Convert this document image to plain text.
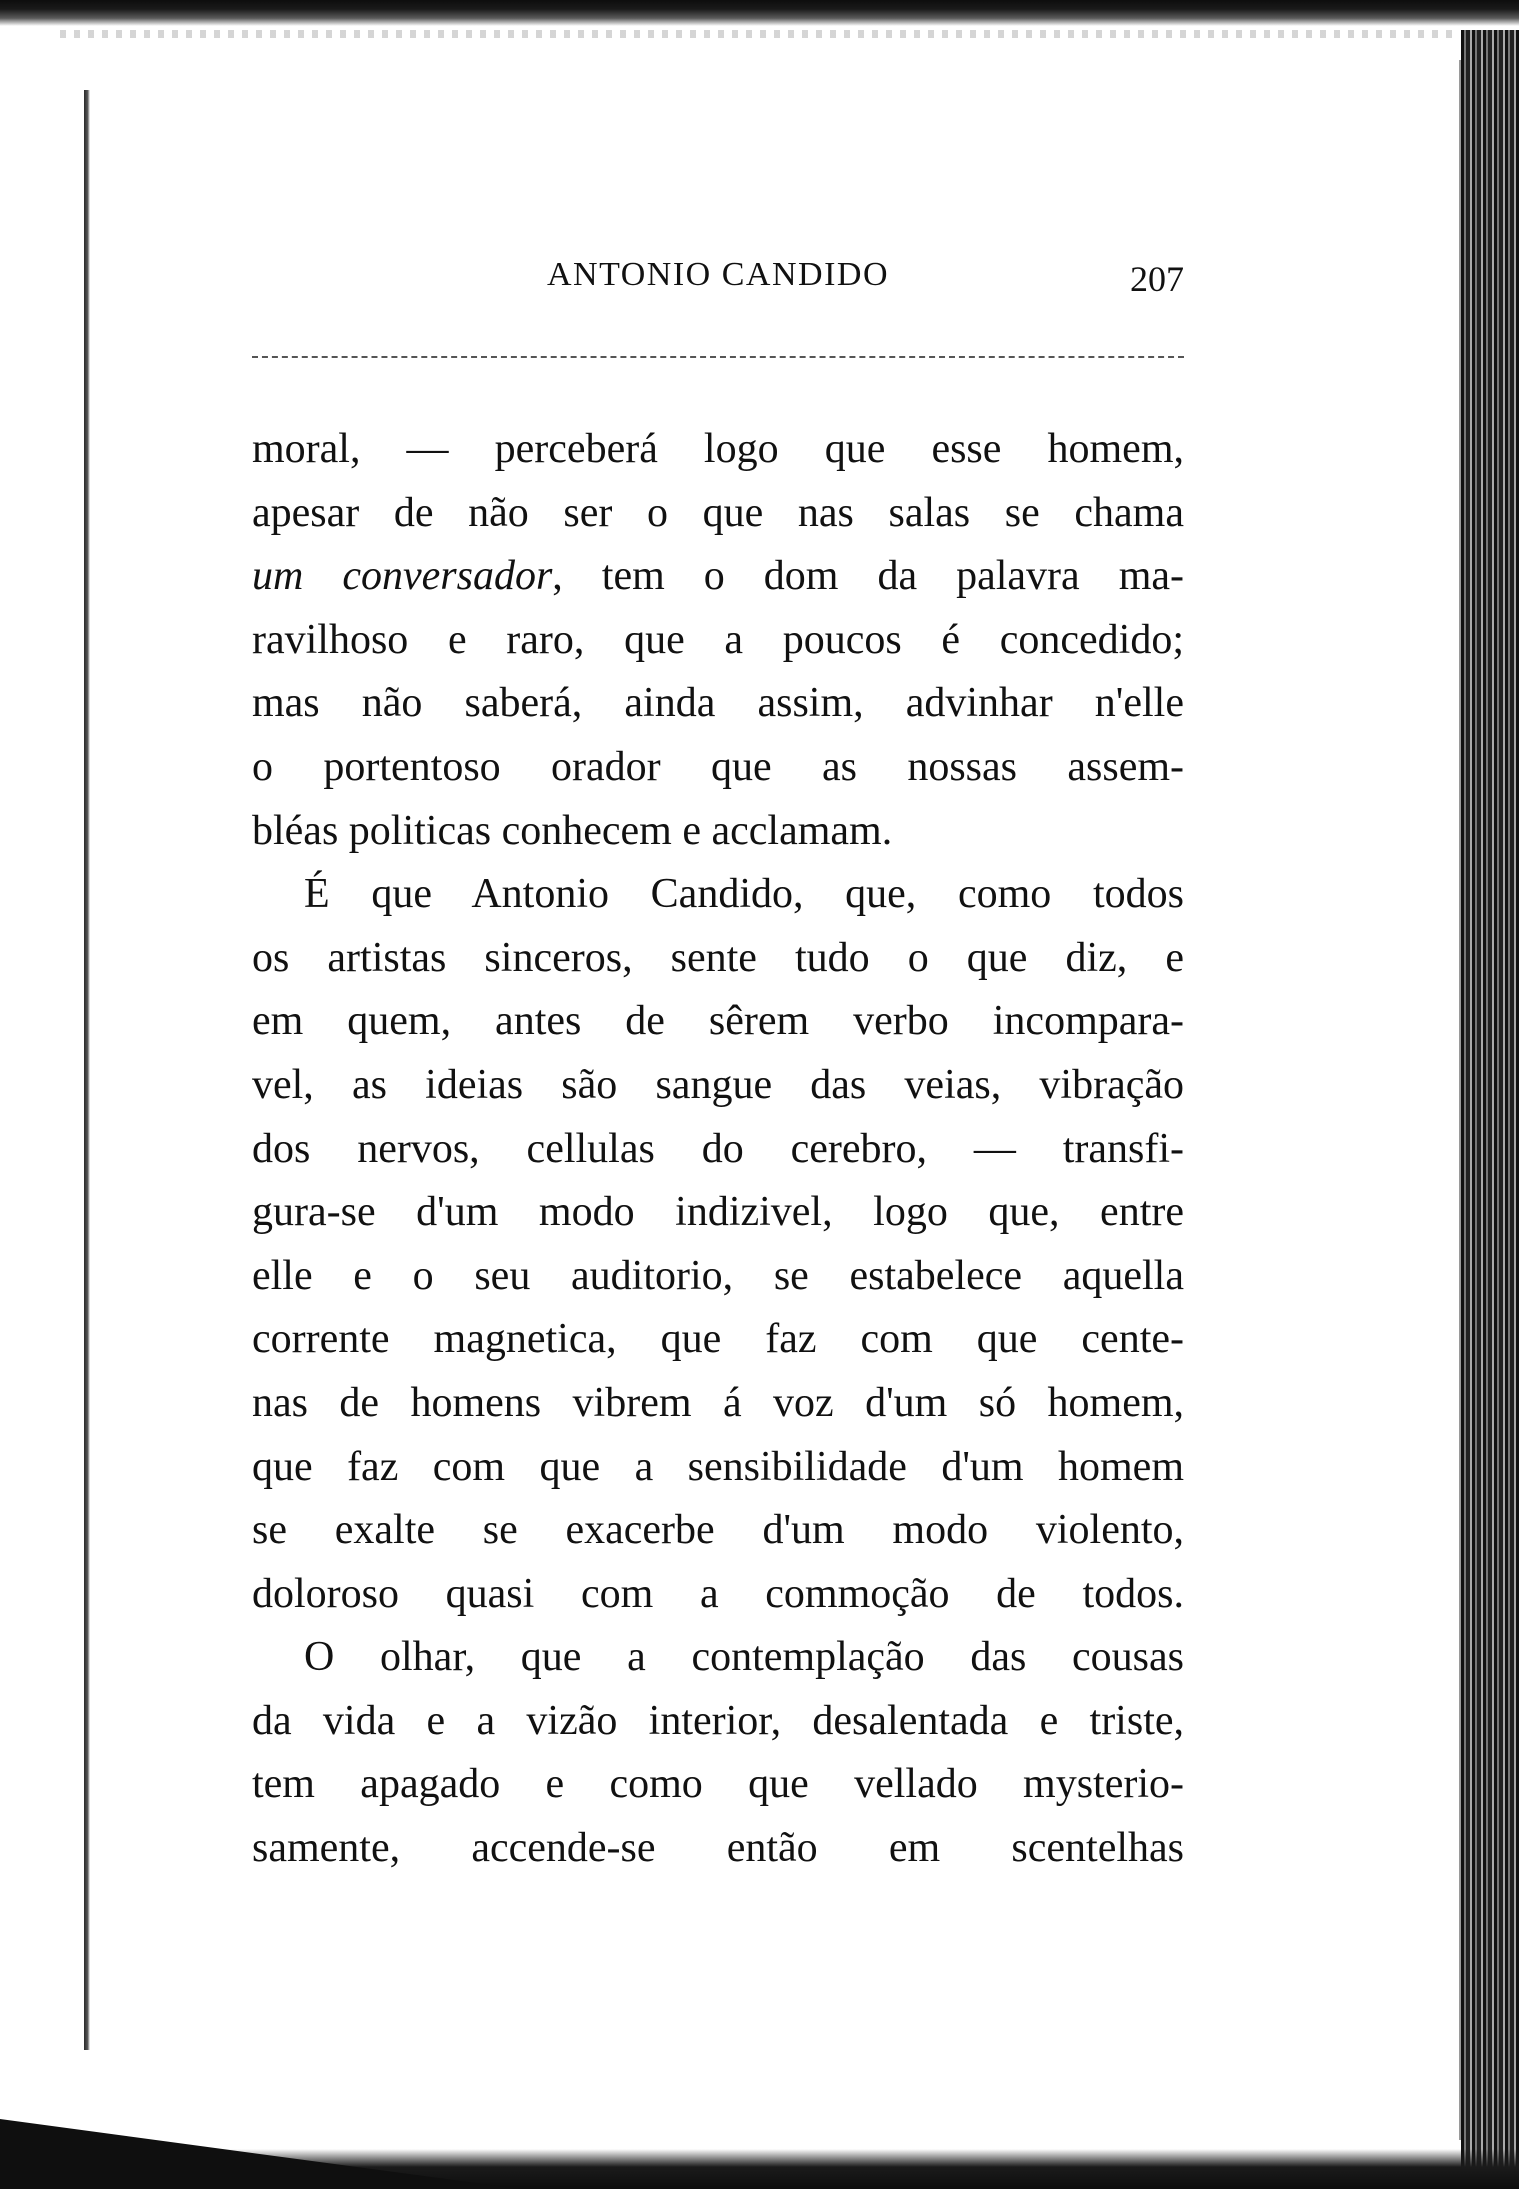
ANTONIO CANDIDO	207
moral, — perceberá logo que esse homem,
apesar de não ser o que nas salas se chama
um conversador, tem o dom da palavra ma-
ravilhoso e raro, que a poucos é concedido;
mas não saberá, ainda assim, advinhar n'elle
o portentoso orador que as nossas assem-
bléas politicas conhecem e acclamam.
É que Antonio Candido, que, como todos
os artistas sinceros, sente tudo o que diz, e
em quem, antes de sêrem verbo incompara-
vel, as ideias são sangue das veias, vibração
dos nervos, cellulas do cerebro, — transfi-
gura-se d'um modo indizivel, logo que, entre
elle e o seu auditorio, se estabelece aquella
corrente magnetica, que faz com que cente-
nas de homens vibrem á voz d'um só homem,
que faz com que a sensibilidade d'um homem
se exalte se exacerbe d'um modo violento,
doloroso quasi com a commoção de todos.
O olhar, que a contemplação das cousas
da vida e a vizão interior, desalentada e triste,
tem apagado e como que vellado mysterio-
samente, accende-se então em scentelhas
